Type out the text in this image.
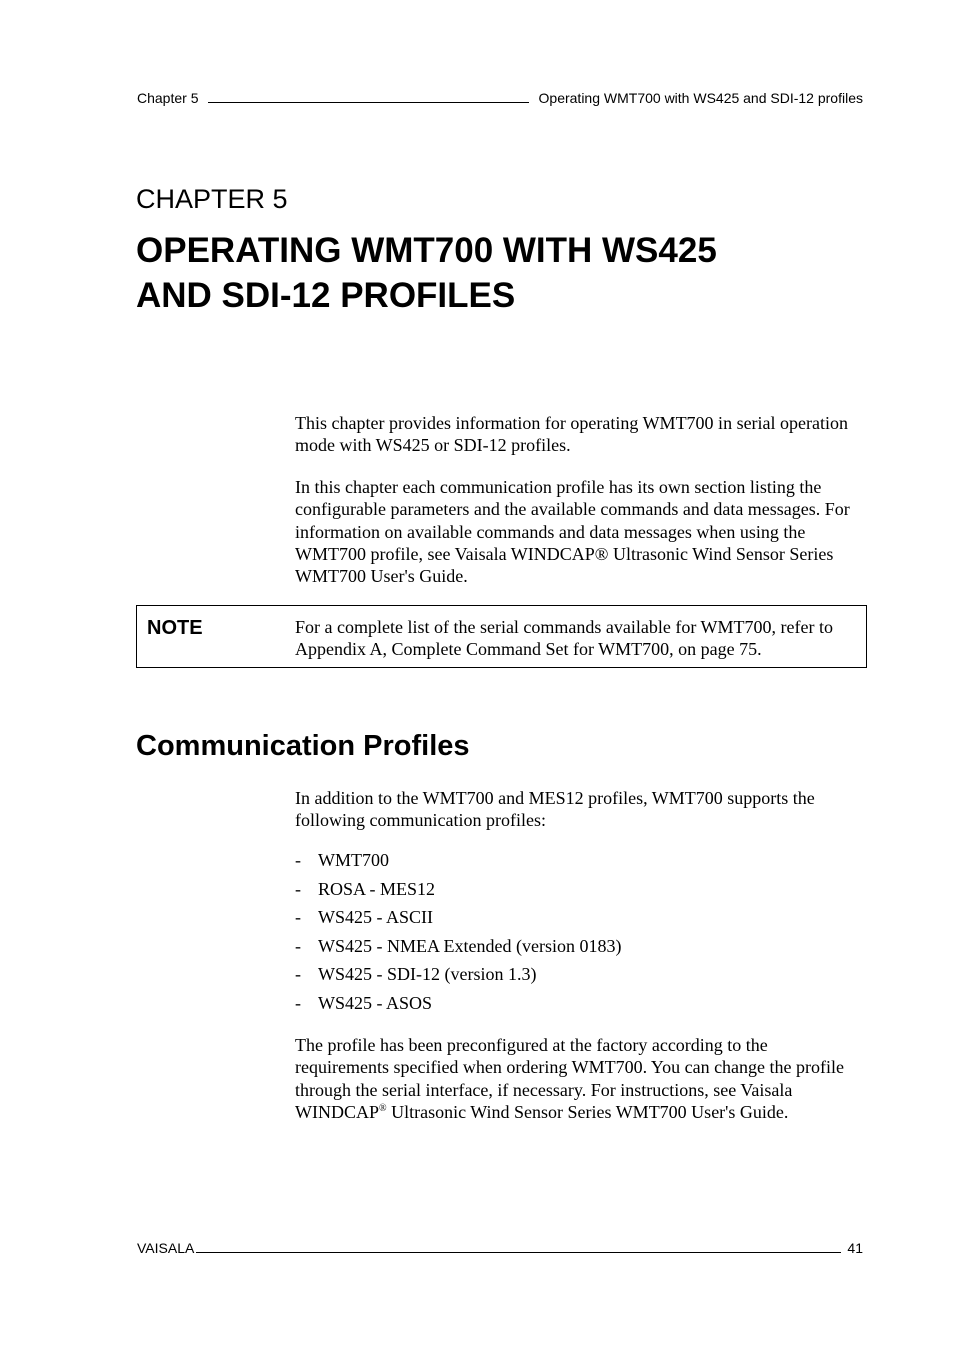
Chapter 5	Operating WMT700 with WS425 and SDI-12 profiles
CHAPTER 5
OPERATING WMT700 WITH WS425
AND SDI-12 PROFILES

This chapter provides information for operating WMT700 in serial operation mode with WS425 or SDI-12 profiles.

In this chapter each communication profile has its own section listing the configurable parameters and the available commands and data messages. For information on available commands and data messages when using the WMT700 profile, see Vaisala WINDCAP® Ultrasonic Wind Sensor Series WMT700 User's Guide.

NOTE	For a complete list of the serial commands available for WMT700, refer to Appendix A, Complete Command Set for WMT700, on page 75.
Communication Profiles

In addition to the WMT700 and MES12 profiles, WMT700 supports the following communication profiles:

- WMT700
- ROSA - MES12
- WS425 - ASCII
- WS425 - NMEA Extended (version 0183)
- WS425 - SDI-12 (version 1.3)
- WS425 - ASOS

The profile has been preconfigured at the factory according to the requirements specified when ordering WMT700. You can change the profile through the serial interface, if necessary. For instructions, see Vaisala WINDCAP® Ultrasonic Wind Sensor Series WMT700 User's Guide.

VAISALA	41
